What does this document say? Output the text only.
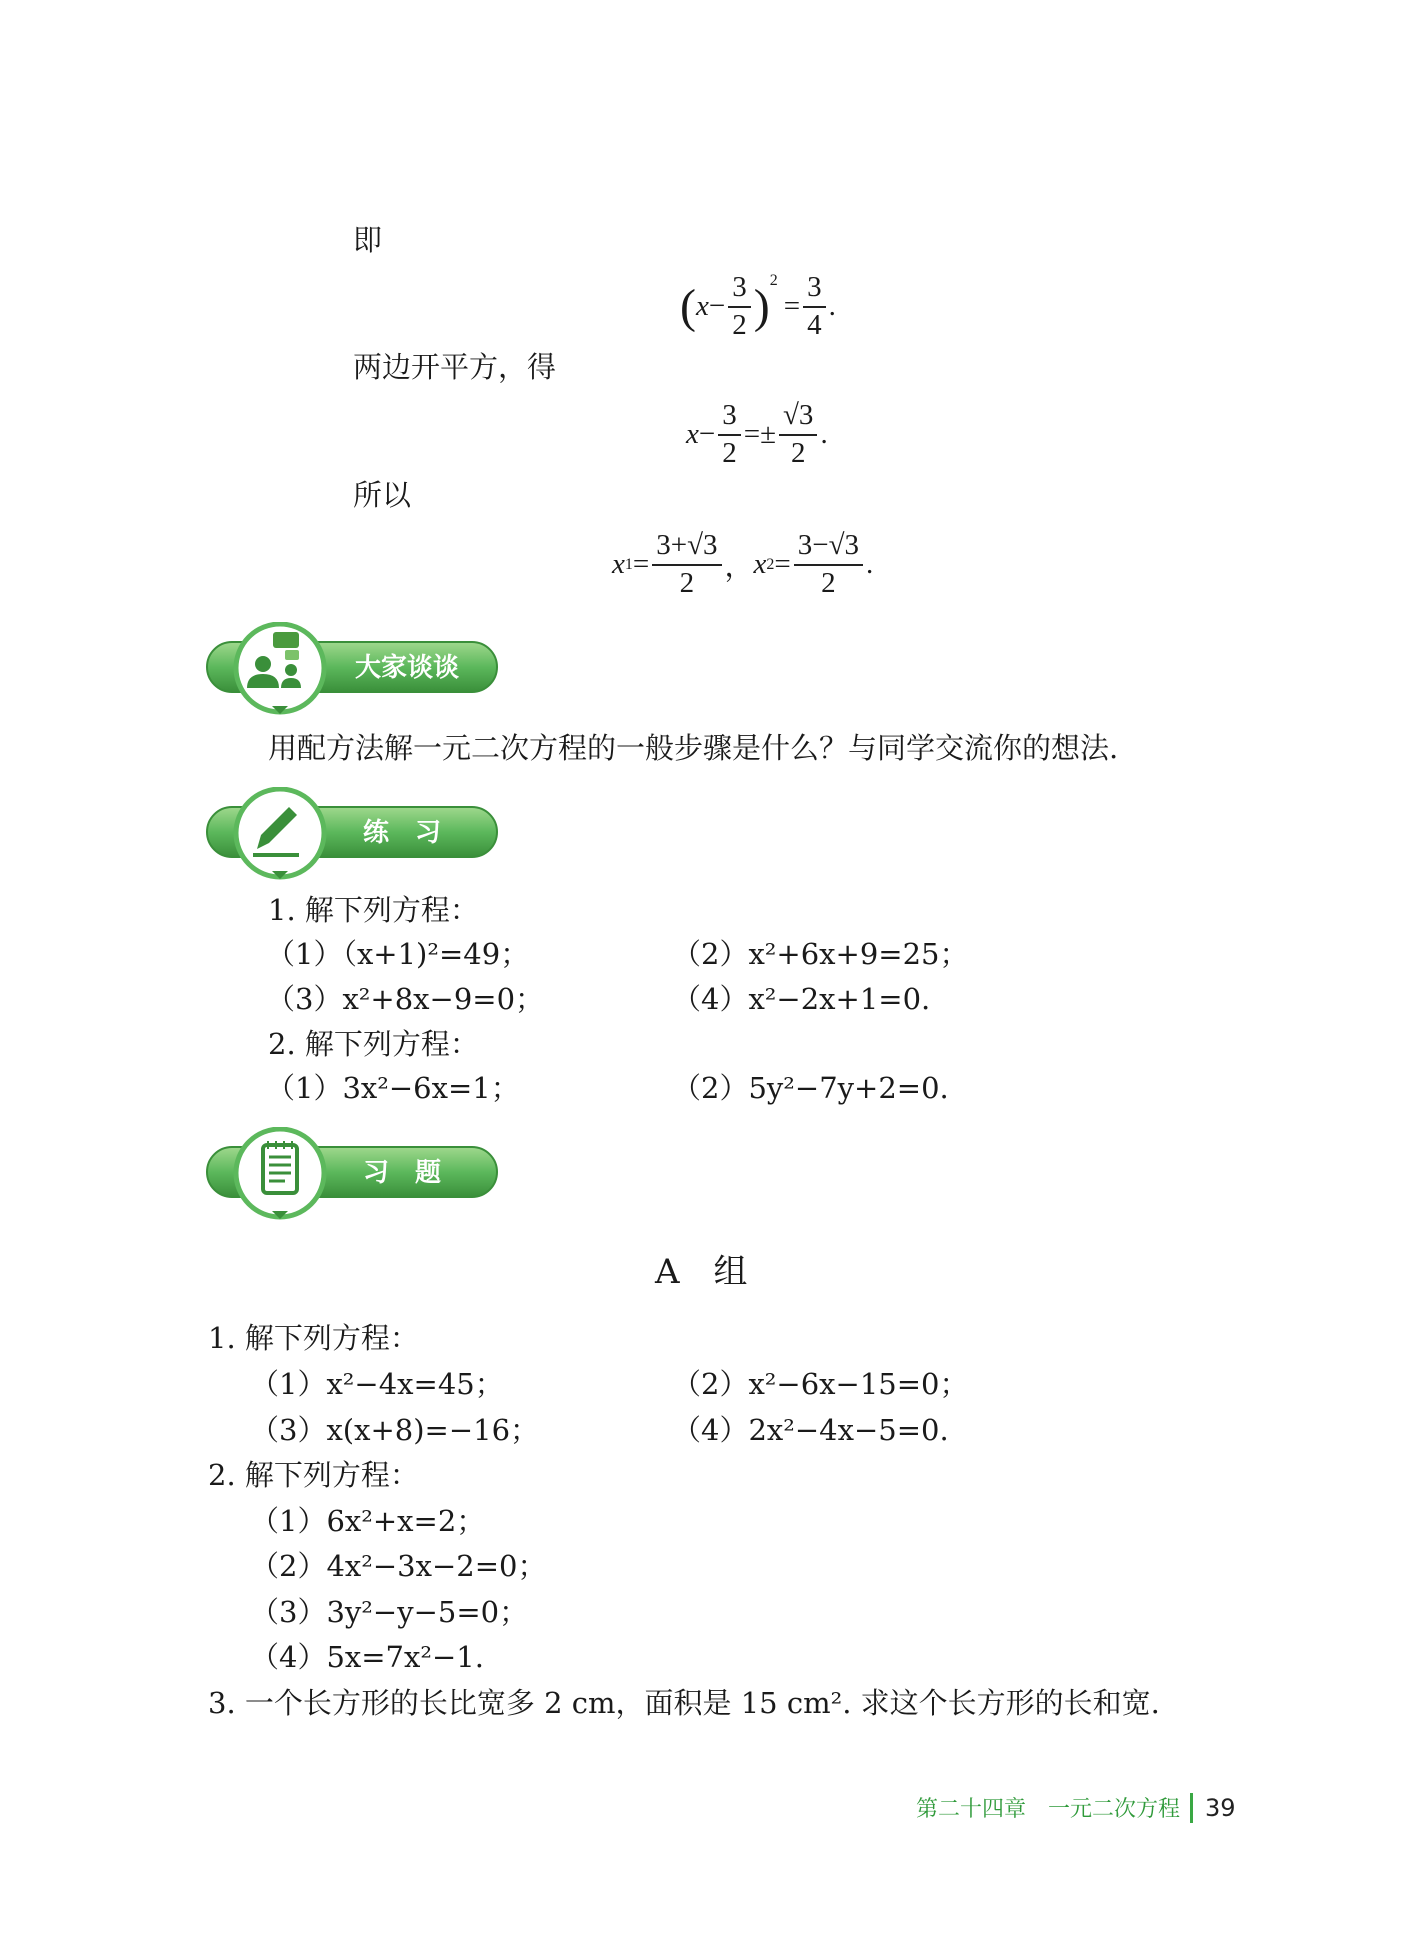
即
( $x - \frac{3}{2} )^2$
= $\frac{3}{4}$ .
两边开平方，得
$x - \frac{3}{2} =\pm \frac{√3}{2}$ .
所以
x $1 = \frac{3+√3}{2}$ ， x $2 = \frac{3-√3}{2}$ .
大家谈谈
用配方法解一元二次方程的一般步骤是什么？与同学交流你的想法.
练　习
1. 解下列方程：
（1）（x+1)²=49；	（2）x²+6x+9=25；
（3）x²+8x−9=0；	（4）x²−2x+1=0.
2. 解下列方程：
（1）3x²−6x=1；	（2）5y²−7y+2=0.
习　题
A　组
1. 解下列方程：
（1）x²−4x=45；	（2）x²−6x−15=0；
（3）x(x+8)=−16；	（4）2x²−4x−5=0.
2. 解下列方程：
（1）6x²+x=2；
（2）4x²−3x−2=0；
（3）3y²−y−5=0；
（4）5x=7x²−1.
3. 一个长方形的长比宽多 2 cm，面积是 15 cm². 求这个长方形的长和宽.
第二十四章　一元二次方程 39
